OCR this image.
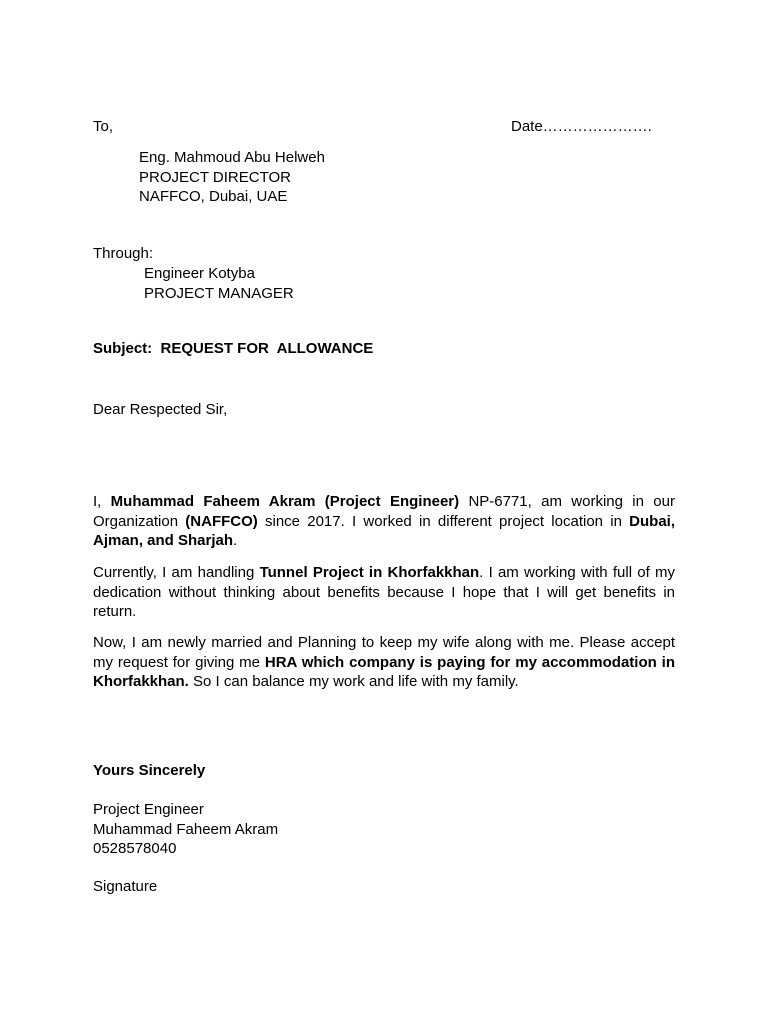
To,	Date………………….
Eng. Mahmoud Abu Helweh
PROJECT DIRECTOR
NAFFCO, Dubai, UAE
Through:
Engineer Kotyba
PROJECT MANAGER
Subject:  REQUEST FOR  ALLOWANCE
Dear Respected Sir,

I, Muhammad Faheem Akram (Project Engineer) NP-6771, am working in our Organization (NAFFCO) since 2017. I worked in different project location in Dubai, Ajman, and Sharjah.

Currently, I am handling Tunnel Project in Khorfakkhan. I am working with full of my dedication without thinking about benefits because I hope that I will get benefits in return.

Now, I am newly married and Planning to keep my wife along with me. Please accept my request for giving me HRA which company is paying for my accommodation in Khorfakkhan. So I can balance my work and life with my family.

Yours Sincerely
Project Engineer
Muhammad Faheem Akram
0528578040
Signature
